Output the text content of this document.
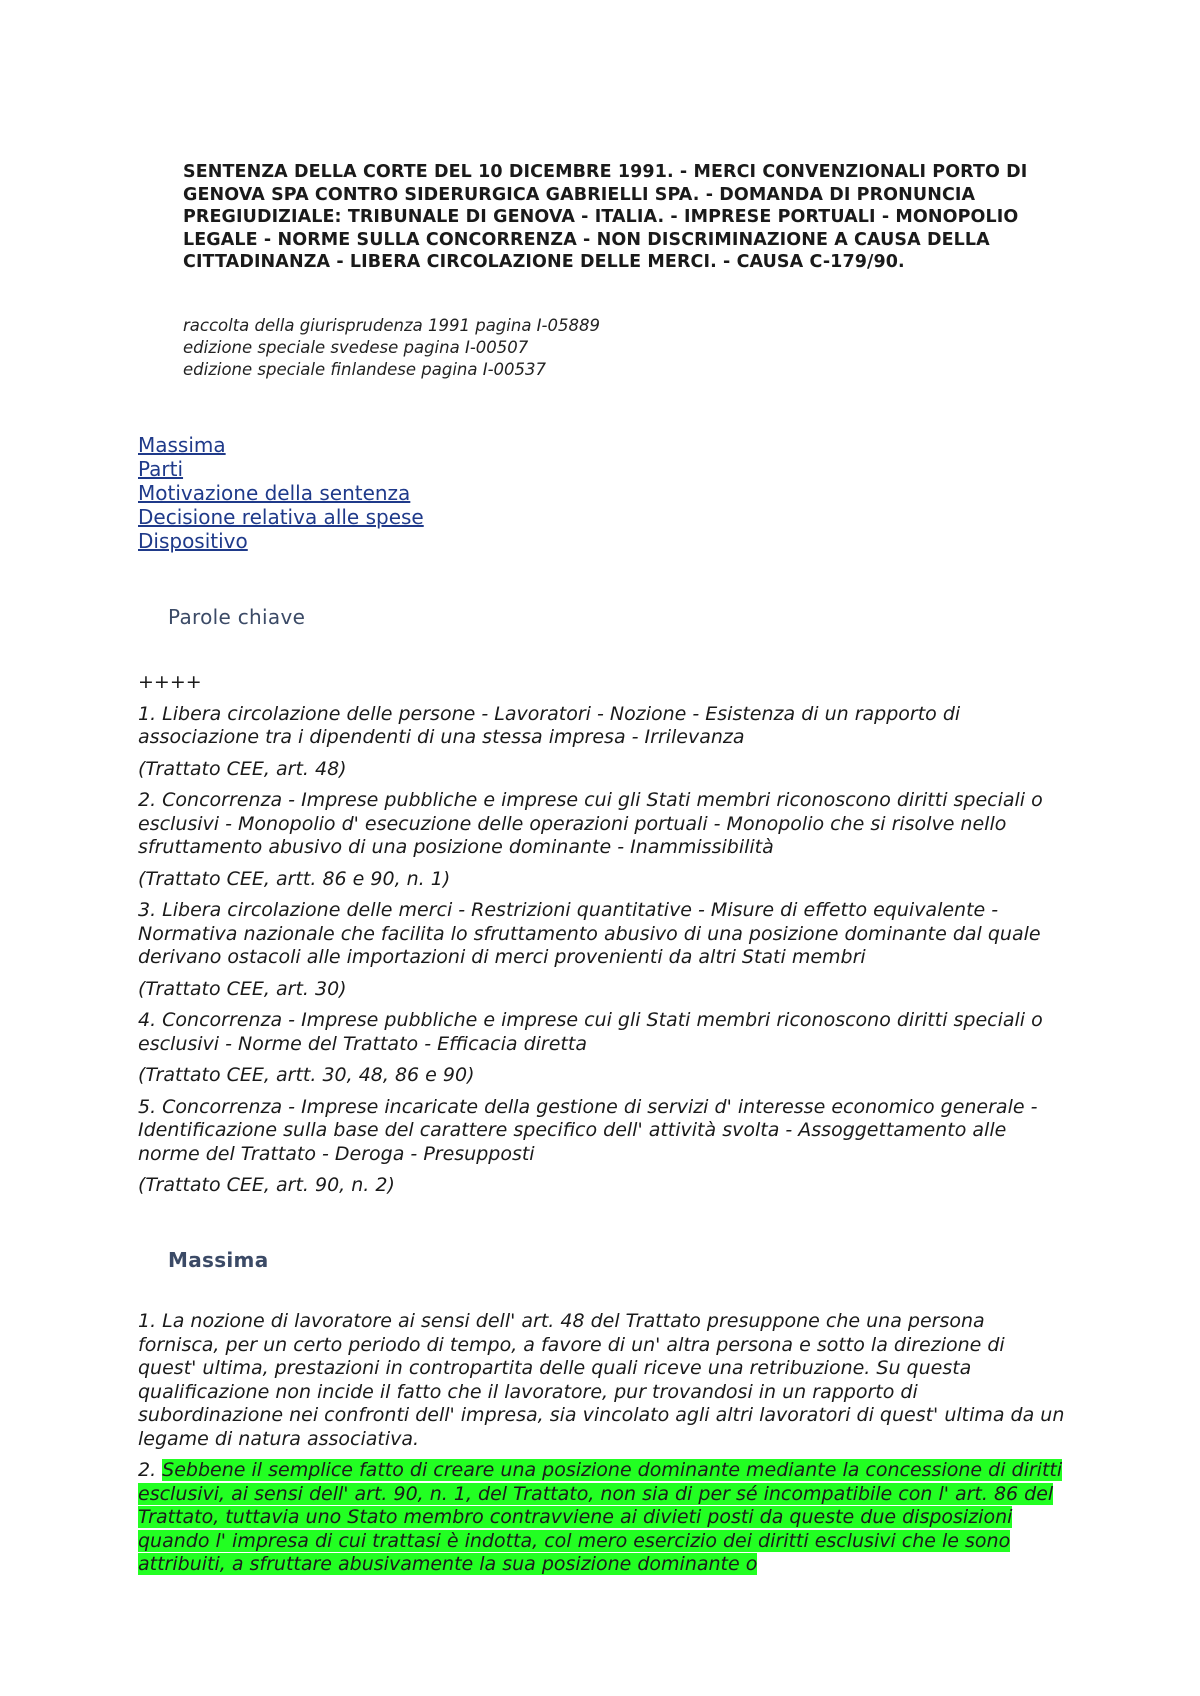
SENTENZA DELLA CORTE DEL 10 DICEMBRE 1991. - MERCI CONVENZIONALI PORTO DI GENOVA SPA CONTRO SIDERURGICA GABRIELLI SPA. - DOMANDA DI PRONUNCIA PREGIUDIZIALE: TRIBUNALE DI GENOVA - ITALIA. - IMPRESE PORTUALI - MONOPOLIO LEGALE - NORME SULLA CONCORRENZA - NON DISCRIMINAZIONE A CAUSA DELLA CITTADINANZA - LIBERA CIRCOLAZIONE DELLE MERCI. - CAUSA C-179/90.
raccolta della giurisprudenza 1991 pagina I-05889
edizione speciale svedese pagina I-00507
edizione speciale finlandese pagina I-00537
Massima
Parti
Motivazione della sentenza
Decisione relativa alle spese
Dispositivo
Parole chiave

++++

1. Libera circolazione delle persone - Lavoratori - Nozione - Esistenza di un rapporto di associazione tra i dipendenti di una stessa impresa - Irrilevanza

(Trattato CEE, art. 48)

2. Concorrenza - Imprese pubbliche e imprese cui gli Stati membri riconoscono diritti speciali o esclusivi - Monopolio d' esecuzione delle operazioni portuali - Monopolio che si risolve nello sfruttamento abusivo di una posizione dominante - Inammissibilità

(Trattato CEE, artt. 86 e 90, n. 1)

3. Libera circolazione delle merci - Restrizioni quantitative - Misure di effetto equivalente - Normativa nazionale che facilita lo sfruttamento abusivo di una posizione dominante dal quale derivano ostacoli alle importazioni di merci provenienti da altri Stati membri

(Trattato CEE, art. 30)

4. Concorrenza - Imprese pubbliche e imprese cui gli Stati membri riconoscono diritti speciali o esclusivi - Norme del Trattato - Efficacia diretta

(Trattato CEE, artt. 30, 48, 86 e 90)

5. Concorrenza - Imprese incaricate della gestione di servizi d' interesse economico generale - Identificazione sulla base del carattere specifico dell' attività svolta - Assoggettamento alle norme del Trattato - Deroga - Presupposti

(Trattato CEE, art. 90, n. 2)

Massima

1. La nozione di lavoratore ai sensi dell' art. 48 del Trattato presuppone che una persona fornisca, per un certo periodo di tempo, a favore di un' altra persona e sotto la direzione di quest' ultima, prestazioni in contropartita delle quali riceve una retribuzione. Su questa qualificazione non incide il fatto che il lavoratore, pur trovandosi in un rapporto di subordinazione nei confronti dell' impresa, sia vincolato agli altri lavoratori di quest' ultima da un legame di natura associativa.

2. Sebbene il semplice fatto di creare una posizione dominante mediante la concessione di diritti esclusivi, ai sensi dell' art. 90, n. 1, del Trattato, non sia di per sé incompatibile con l' art. 86 del Trattato, tuttavia uno Stato membro contravviene ai divieti posti da queste due disposizioni quando l' impresa di cui trattasi è indotta, col mero esercizio dei diritti esclusivi che le sono attribuiti, a sfruttare abusivamente la sua posizione dominante o
